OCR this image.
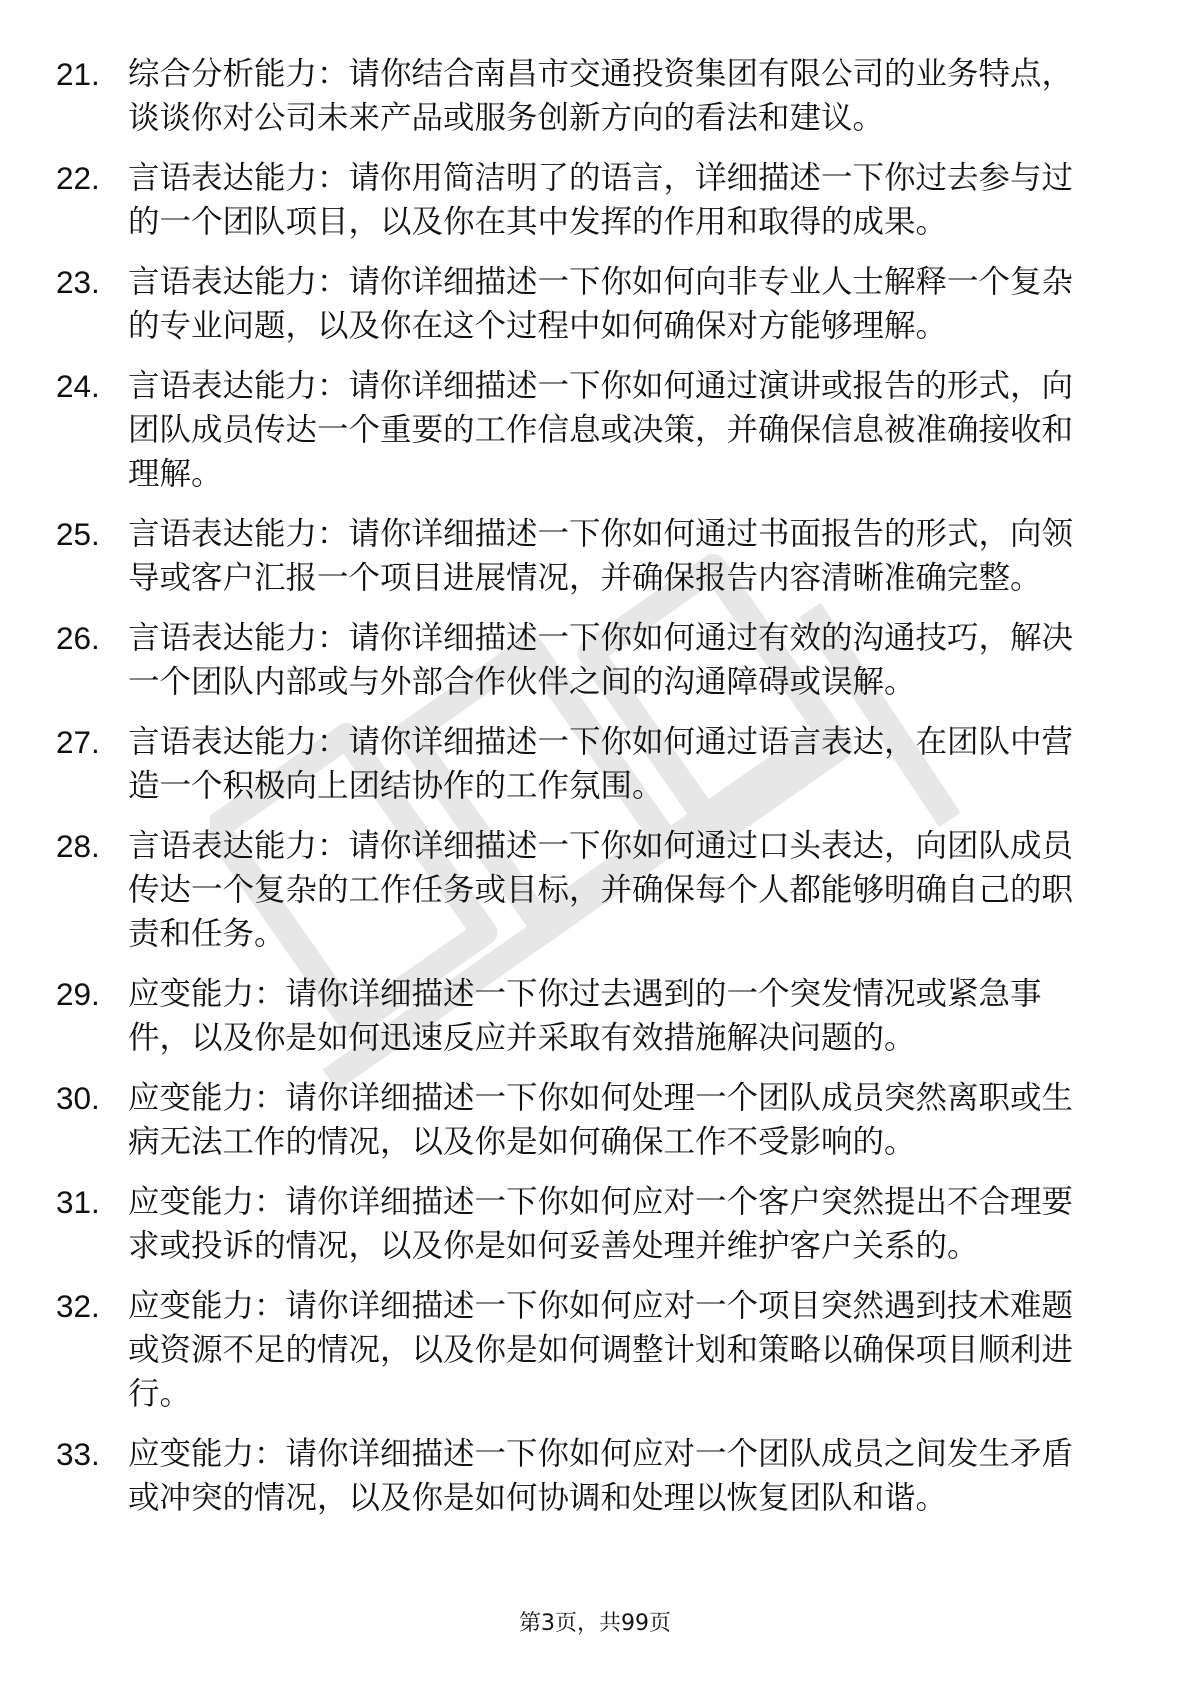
21. 综合分析能力：请你结合南昌市交通投资集团有限公司的业务特点，谈谈你对公司未来产品或服务创新方向的看法和建议。
22. 言语表达能力：请你用简洁明了的语言，详细描述一下你过去参与过的一个团队项目，以及你在其中发挥的作用和取得的成果。
23. 言语表达能力：请你详细描述一下你如何向非专业人士解释一个复杂的专业问题，以及你在这个过程中如何确保对方能够理解。
24. 言语表达能力：请你详细描述一下你如何通过演讲或报告的形式，向团队成员传达一个重要的工作信息或决策，并确保信息被准确接收和理解。
25. 言语表达能力：请你详细描述一下你如何通过书面报告的形式，向领导或客户汇报一个项目进展情况，并确保报告内容清晰准确完整。
26. 言语表达能力：请你详细描述一下你如何通过有效的沟通技巧，解决一个团队内部或与外部合作伙伴之间的沟通障碍或误解。
27. 言语表达能力：请你详细描述一下你如何通过语言表达，在团队中营造一个积极向上团结协作的工作氛围。
28. 言语表达能力：请你详细描述一下你如何通过口头表达，向团队成员传达一个复杂的工作任务或目标，并确保每个人都能够明确自己的职责和任务。
29. 应变能力：请你详细描述一下你过去遇到的一个突发情况或紧急事件，以及你是如何迅速反应并采取有效措施解决问题的。
30. 应变能力：请你详细描述一下你如何处理一个团队成员突然离职或生病无法工作的情况，以及你是如何确保工作不受影响的。
31. 应变能力：请你详细描述一下你如何应对一个客户突然提出不合理要求或投诉的情况，以及你是如何妥善处理并维护客户关系的。
32. 应变能力：请你详细描述一下你如何应对一个项目突然遇到技术难题或资源不足的情况，以及你是如何调整计划和策略以确保项目顺利进行。
33. 应变能力：请你详细描述一下你如何应对一个团队成员之间发生矛盾或冲突的情况，以及你是如何协调和处理以恢复团队和谐。
第3页，共99页
